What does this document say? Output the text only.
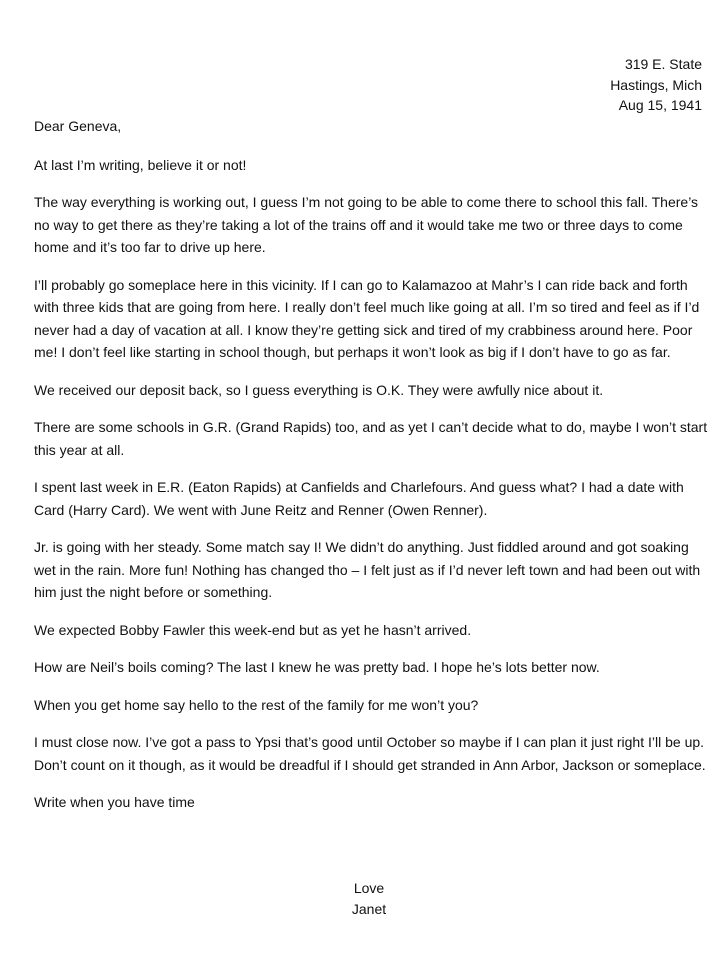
319 E. State
Hastings, Mich
Aug 15, 1941

Dear Geneva,

At last I’m writing, believe it or not!

The way everything is working out, I guess I’m not going to be able to come there to school this fall. There’s no way to get there as they’re taking a lot of the trains off and it would take me two or three days to come home and it’s too far to drive up here.

I’ll probably go someplace here in this vicinity. If I can go to Kalamazoo at Mahr’s I can ride back and forth with three kids that are going from here. I really don’t feel much like going at all. I’m so tired and feel as if I’d never had a day of vacation at all. I know they’re getting sick and tired of my crabbiness around here. Poor me! I don’t feel like starting in school though, but perhaps it won’t look as big if I don’t have to go as far.

We received our deposit back, so I guess everything is O.K. They were awfully nice about it.

There are some schools in G.R. (Grand Rapids) too, and as yet I can’t decide what to do, maybe I won’t start this year at all.

I spent last week in E.R. (Eaton Rapids) at Canfields and Charlefours. And guess what? I had a date with Card (Harry Card). We went with June Reitz and Renner (Owen Renner).

Jr. is going with her steady. Some match say I! We didn’t do anything. Just fiddled around and got soaking wet in the rain. More fun! Nothing has changed tho – I felt just as if I’d never left town and had been out with him just the night before or something.

We expected Bobby Fawler this week-end but as yet he hasn’t arrived.

How are Neil’s boils coming? The last I knew he was pretty bad. I hope he’s lots better now.

When you get home say hello to the rest of the family for me won’t you?

I must close now. I’ve got a pass to Ypsi that’s good until October so maybe if I can plan it just right I’ll be up. Don’t count on it though, as it would be dreadful if I should get stranded in Ann Arbor, Jackson or someplace.

Write when you have time

Love
Janet
